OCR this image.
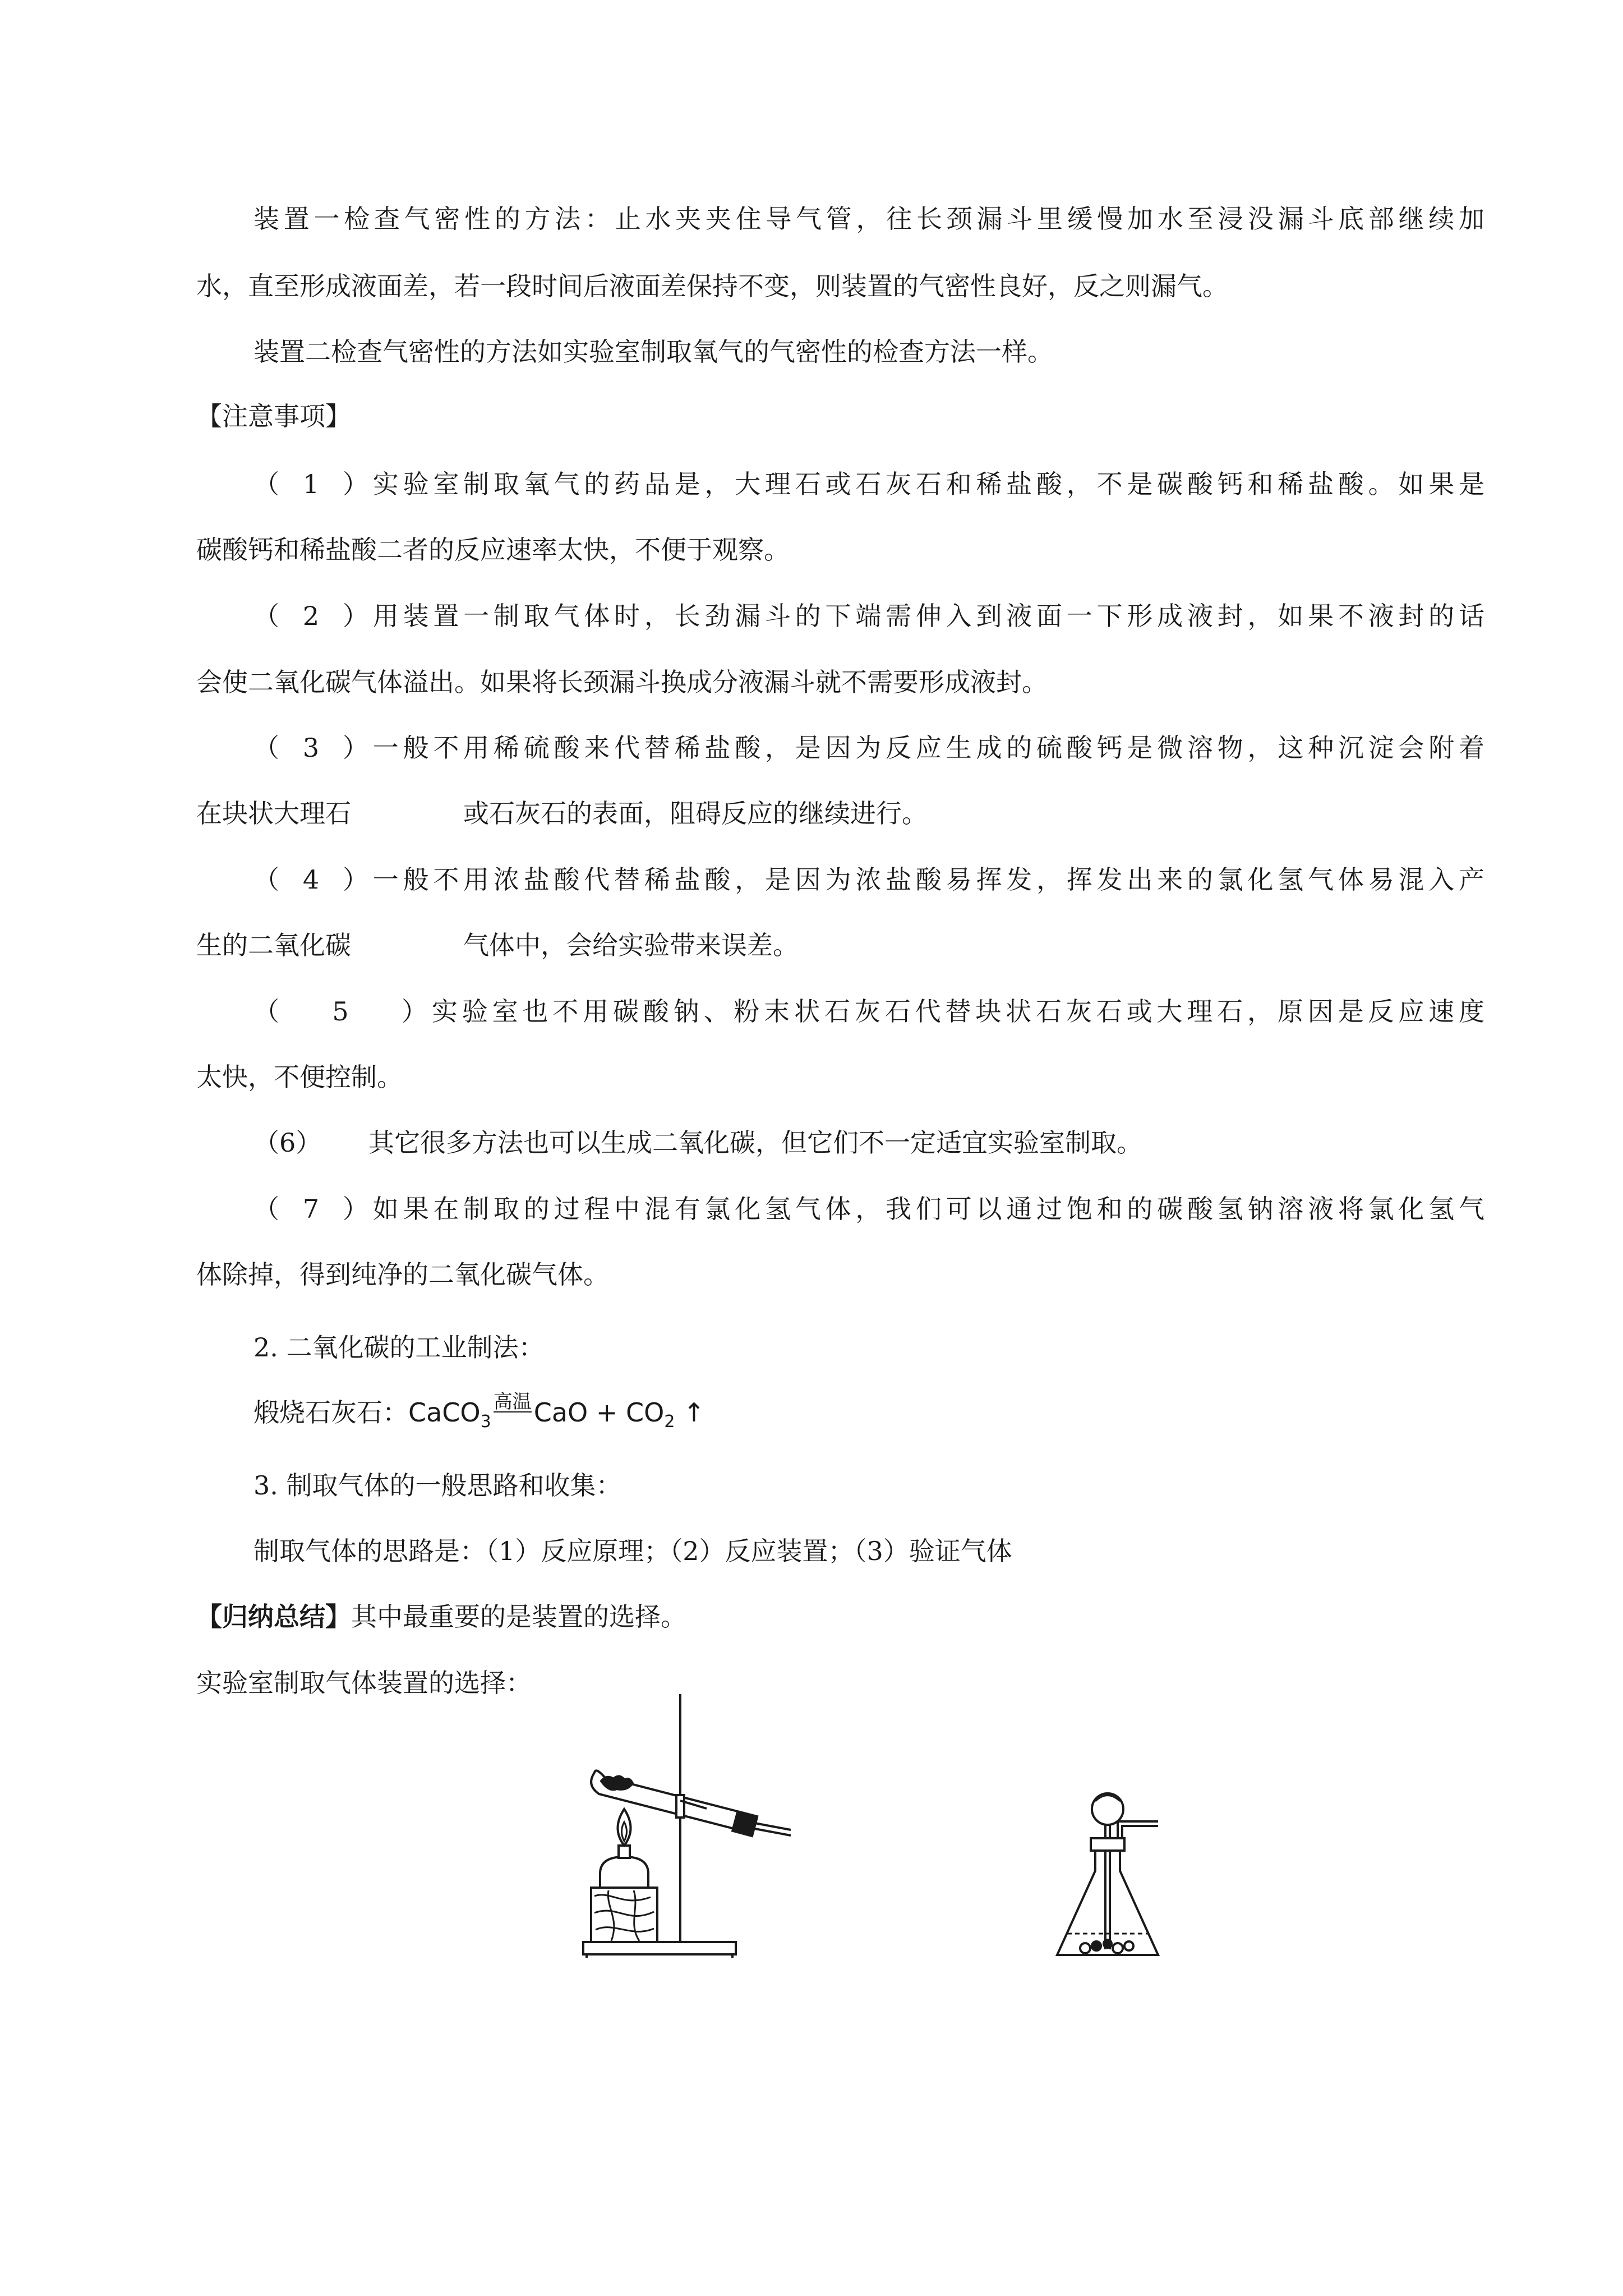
装置一检查气密性的方法：止水夹夹住导气管，往长颈漏斗里缓慢加水至浸没漏斗底部继续加
水，直至形成液面差，若一段时间后液面差保持不变，则装置的气密性良好，反之则漏气。
装置二检查气密性的方法如实验室制取氧气的气密性的检查方法一样。
【注意事项】
（1）实验室制取氧气的药品是，大理石或石灰石和稀盐酸，不是碳酸钙和稀盐酸。如果是
碳酸钙和稀盐酸二者的反应速率太快，不便于观察。
（2）用装置一制取气体时，长劲漏斗的下端需伸入到液面一下形成液封，如果不液封的话
会使二氧化碳气体溢出。如果将长颈漏斗换成分液漏斗就不需要形成液封。
（3）一般不用稀硫酸来代替稀盐酸，是因为反应生成的硫酸钙是微溶物，这种沉淀会附着
在块状大理石	或石灰石的表面，阻碍反应的继续进行。
（4）一般不用浓盐酸代替稀盐酸，是因为浓盐酸易挥发，挥发出来的氯化氢气体易混入产
生的二氧化碳	气体中，会给实验带来误差。
（5）实验室也不用碳酸钠、粉末状石灰石代替块状石灰石或大理石，原因是反应速度
太快，不便控制。
（6） 其它很多方法也可以生成二氧化碳，但它们不一定适宜实验室制取。
（7）如果在制取的过程中混有氯化氢气体，我们可以通过饱和的碳酸氢钠溶液将氯化氢气
体除掉，得到纯净的二氧化碳气体。
2. 二氧化碳的工业制法：
煅烧石灰石：CaCO$_3$
高温 CaO + $CO_2$ ↑
3. 制取气体的一般思路和收集：
制取气体的思路是：（1）反应原理；（2）反应装置；（3）验证气体
【归纳总结】其中最重要的是装置的选择。
实验室制取气体装置的选择：
